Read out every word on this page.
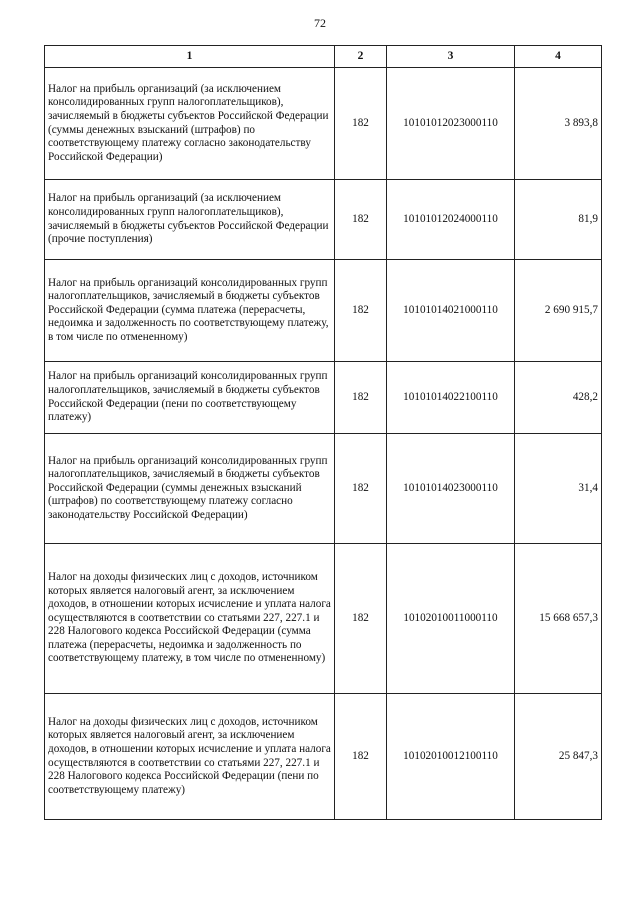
72
1	2	3	4
Налог на прибыль организаций (за исключением консолидированных групп налогоплательщиков), зачисляемый в бюджеты субъектов Российской Федерации (суммы денежных взысканий (штрафов) по соответствующему платежу согласно законодательству Российской Федерации)	182	10101012023000110	3 893,8
Налог на прибыль организаций (за исключением консолидированных групп налогоплательщиков), зачисляемый в бюджеты субъектов Российской Федерации (прочие поступления)	182	10101012024000110	81,9
Налог на прибыль организаций консолидированных групп налогоплательщиков, зачисляемый в бюджеты субъектов Российской Федерации (сумма платежа (перерасчеты, недоимка и задолженность по соответствующему платежу, в том числе по отмененному)	182	10101014021000110	2 690 915,7
Налог на прибыль организаций консолидированных групп налогоплательщиков, зачисляемый в бюджеты субъектов Российской Федерации (пени по соответствующему платежу)	182	10101014022100110	428,2
Налог на прибыль организаций консолидированных групп налогоплательщиков, зачисляемый в бюджеты субъектов Российской Федерации (суммы денежных взысканий (штрафов) по соответствующему платежу согласно законодательству Российской Федерации)	182	10101014023000110	31,4
Налог на доходы физических лиц с доходов, источником которых является налоговый агент, за исключением доходов, в отношении которых исчисление и уплата налога осуществляются в соответствии со статьями 227, 227.1 и 228 Налогового кодекса Российской Федерации (сумма платежа (перерасчеты, недоимка и задолженность по соответствующему платежу, в том числе по отмененному)	182	10102010011000110	15 668 657,3
Налог на доходы физических лиц с доходов, источником которых является налоговый агент, за исключением доходов, в отношении которых исчисление и уплата налога осуществляются в соответствии со статьями 227, 227.1 и 228 Налогового кодекса Российской Федерации (пени по соответствующему платежу)	182	10102010012100110	25 847,3
